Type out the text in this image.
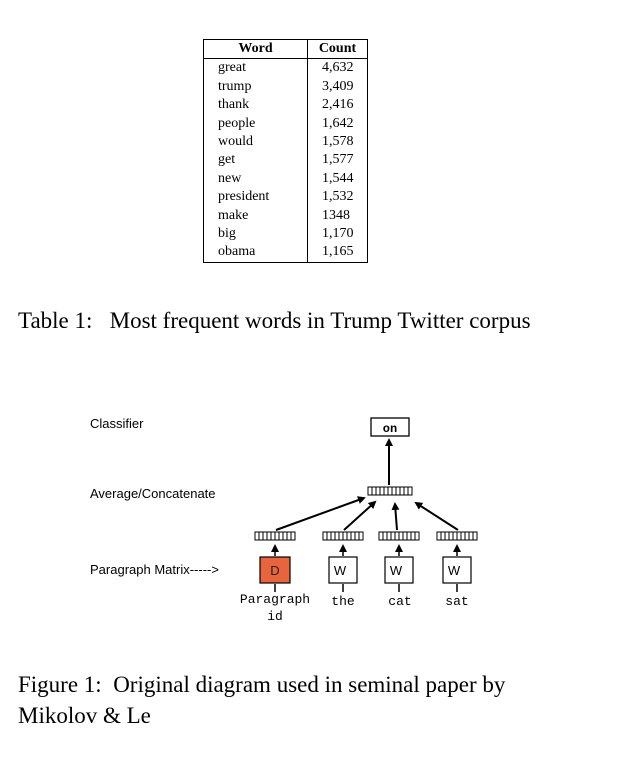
Word	Count
great	4,632
trump	3,409
thank	2,416
people	1,642
would	1,578
get	1,577
new	1,544
president	1,532
make	1348
big	1,170
obama	1,165
Table 1:   Most frequent words in Trump Twitter corpus
Classifier
Average/Concatenate
Paragraph Matrix----->
on
D	W	W	W
Paragraph
id
the	cat	sat
Figure 1:  Original diagram used in seminal paper by Mikolov & Le
